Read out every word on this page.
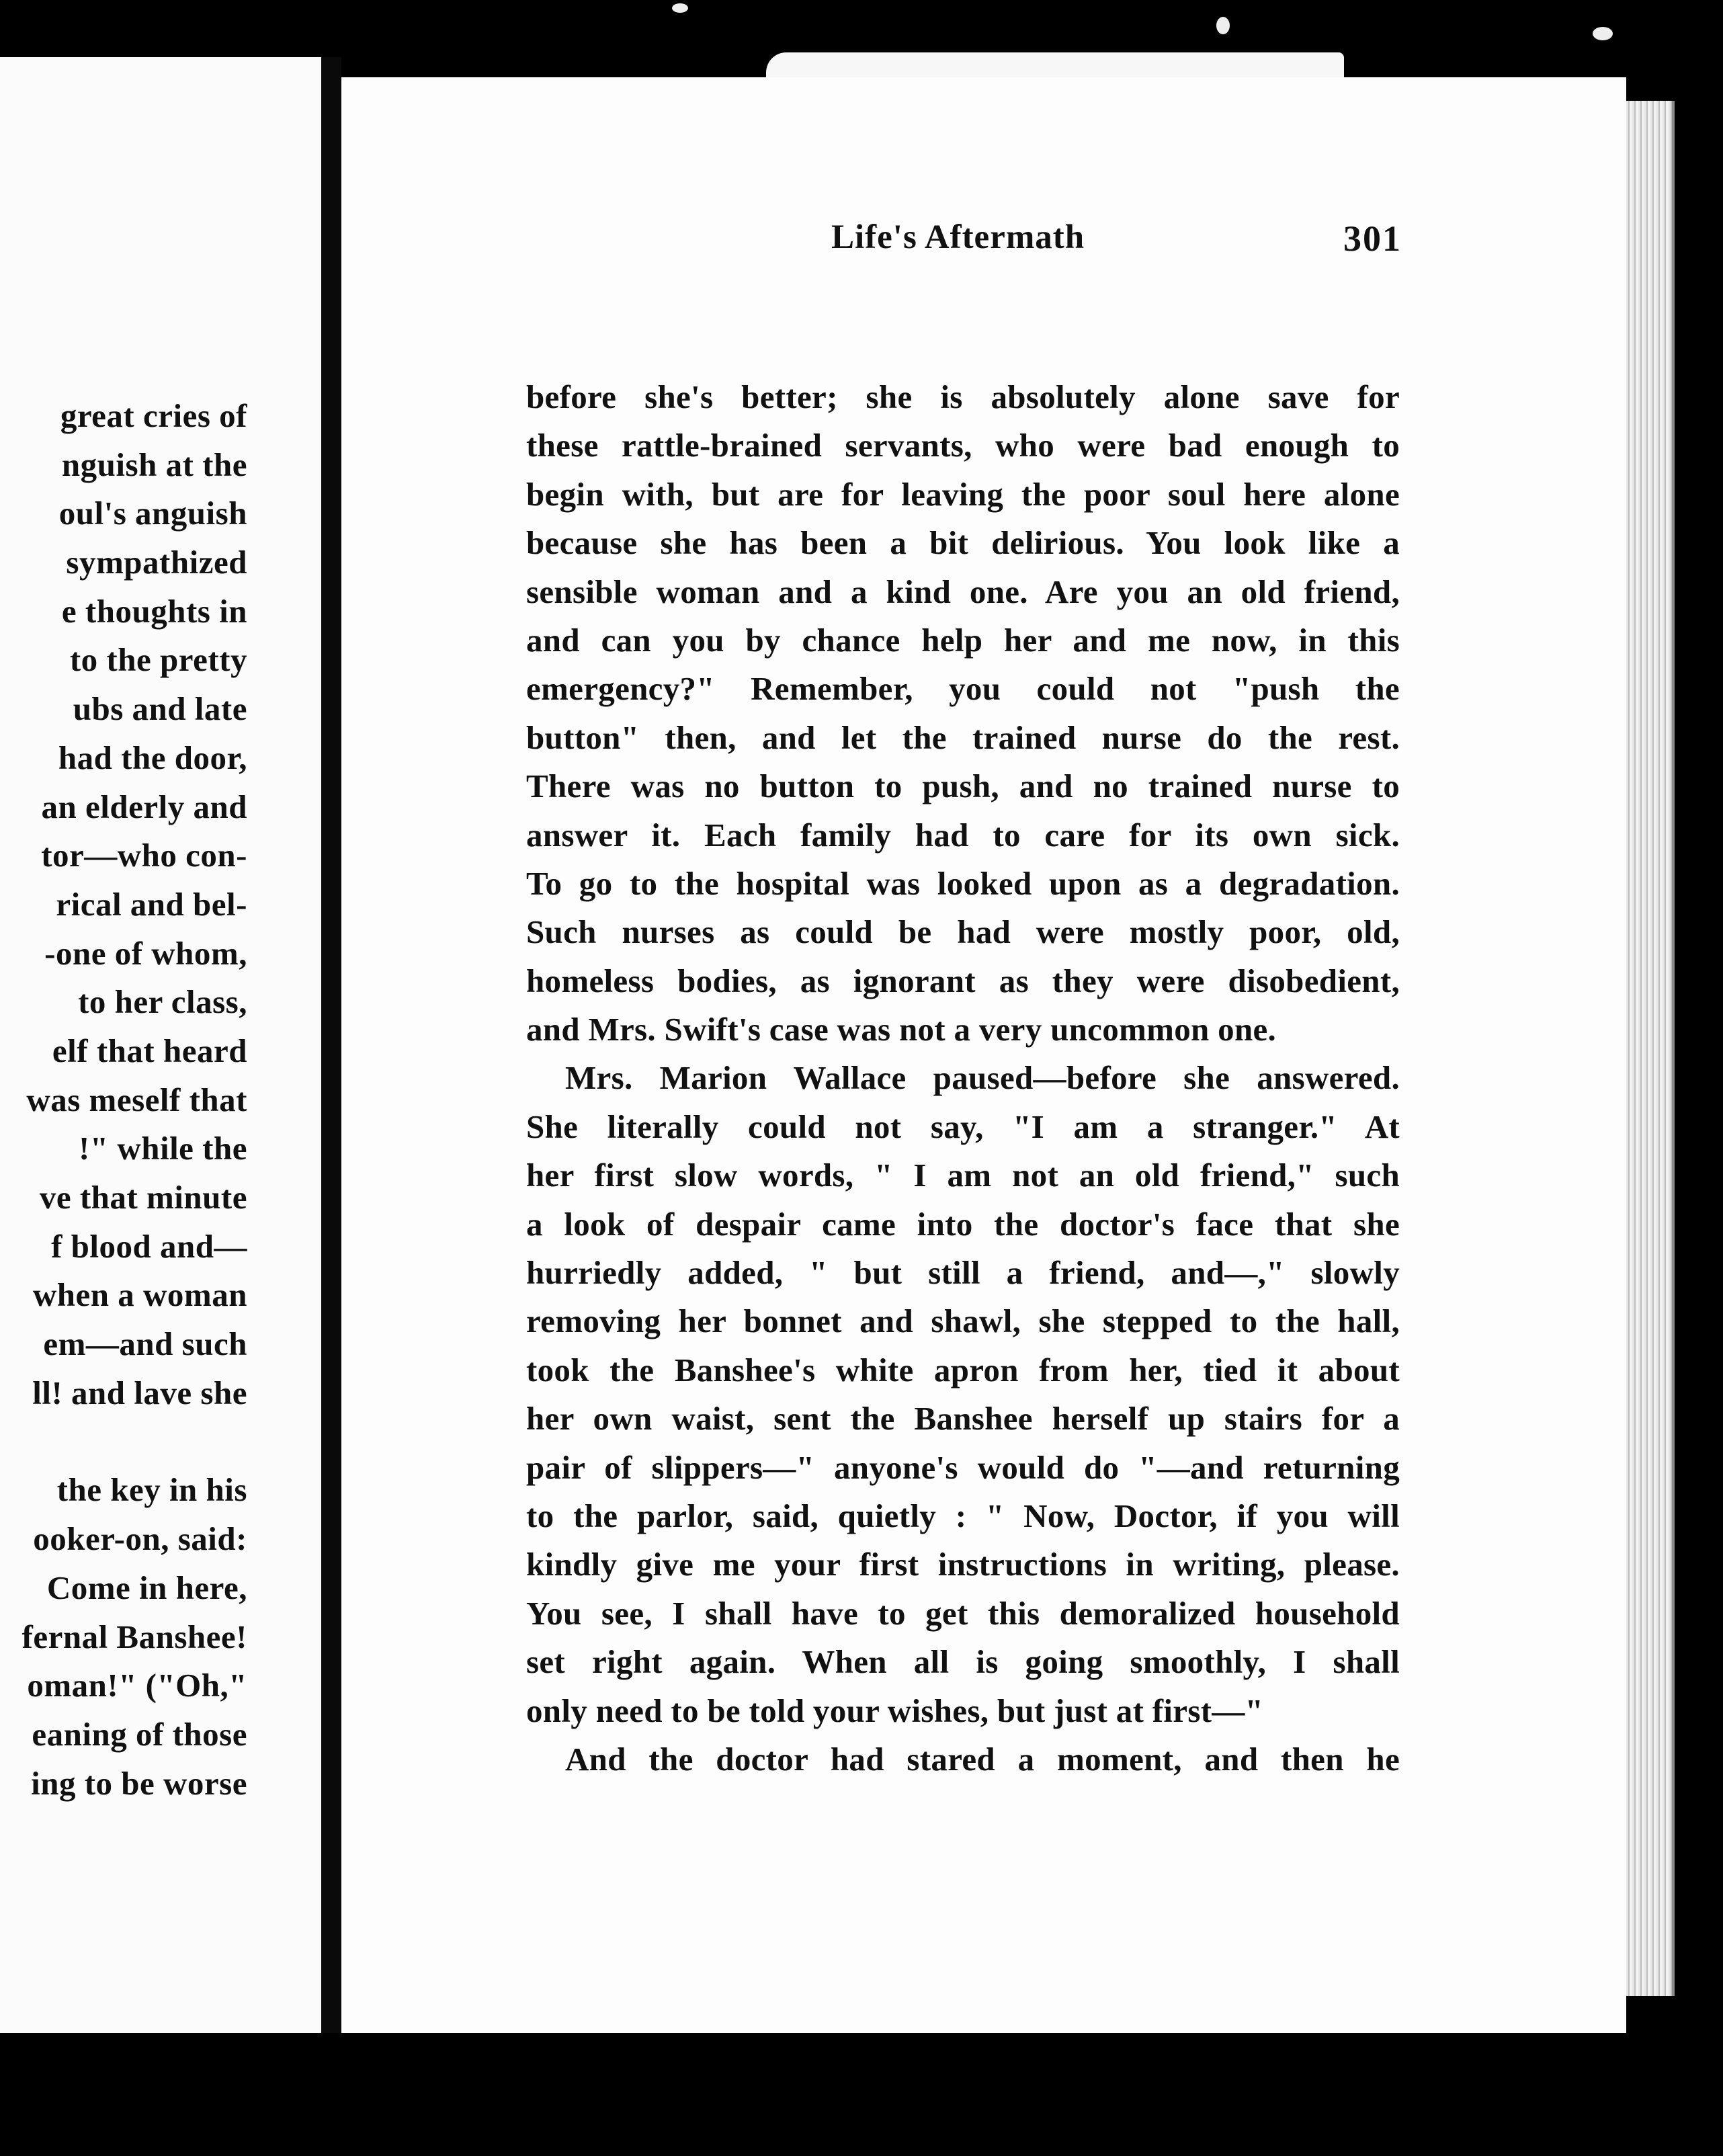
great cries of
nguish at the
oul's anguish
sympathized
e thoughts in
to the pretty
ubs and late
had the door,
an elderly and
tor—who con-
rical and bel-
-one of whom,
to her class,
elf that heard
was meself that
!" while the
ve that minute
f blood and—
when a woman
em—and such
ll! and lave she
the key in his
ooker-on, said:
Come in here,
fernal Banshee!
oman!" ("Oh,"
eaning of those
ing to be worse
Life's Aftermath	301
before she's better; she is absolutely alone save for
these rattle-brained servants, who were bad enough to
begin with, but are for leaving the poor soul here alone
because she has been a bit delirious. You look like a
sensible woman and a kind one. Are you an old friend,
and can you by chance help her and me now, in this
emergency?" Remember, you could not "push the
button" then, and let the trained nurse do the rest.
There was no button to push, and no trained nurse to
answer it. Each family had to care for its own sick.
To go to the hospital was looked upon as a degradation.
Such nurses as could be had were mostly poor, old,
homeless bodies, as ignorant as they were disobedient,
and Mrs. Swift's case was not a very uncommon one.
Mrs. Marion Wallace paused—before she answered.
She literally could not say, "I am a stranger." At
her first slow words, " I am not an old friend," such
a look of despair came into the doctor's face that she
hurriedly added, " but still a friend, and—," slowly
removing her bonnet and shawl, she stepped to the hall,
took the Banshee's white apron from her, tied it about
her own waist, sent the Banshee herself up stairs for a
pair of slippers—" anyone's would do "—and returning
to the parlor, said, quietly : " Now, Doctor, if you will
kindly give me your first instructions in writing, please.
You see, I shall have to get this demoralized household
set right again. When all is going smoothly, I shall
only need to be told your wishes, but just at first—"
And the doctor had stared a moment, and then he
